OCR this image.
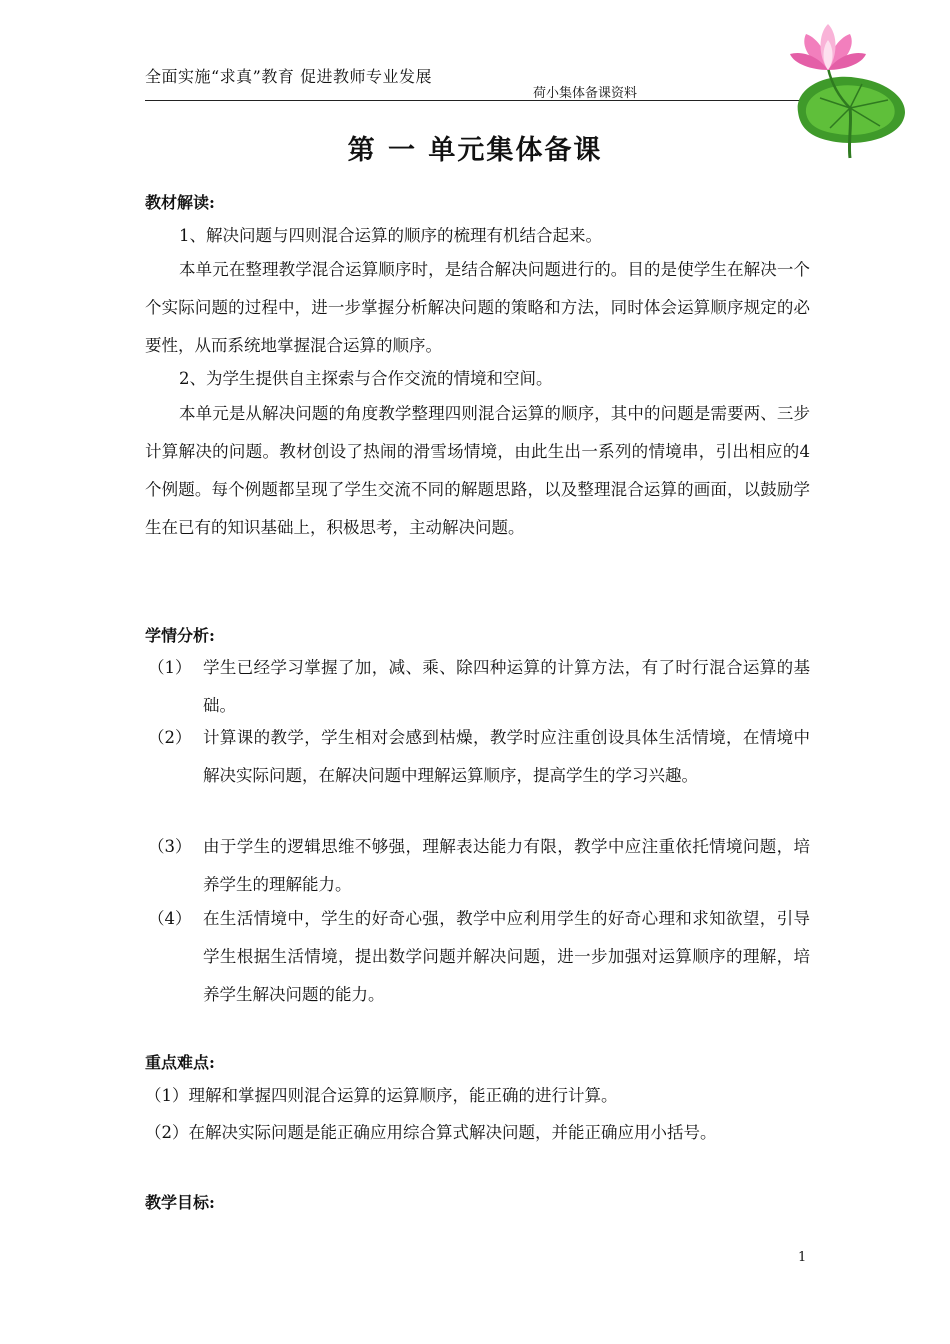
全面实施“求真”教育 促进教师专业发展
荷小集体备课资料
第 一 单元集体备课
教材解读:
1、解决问题与四则混合运算的顺序的梳理有机结合起来。
本单元在整理教学混合运算顺序时，是结合解决问题进行的。目的是使学生在解决一个个实际问题的过程中，进一步掌握分析解决问题的策略和方法，同时体会运算顺序规定的必要性，从而系统地掌握混合运算的顺序。
2、为学生提供自主探索与合作交流的情境和空间。
本单元是从解决问题的角度教学整理四则混合运算的顺序，其中的问题是需要两、三步计算解决的问题。教材创设了热闹的滑雪场情境，由此生出一系列的情境串，引出相应的4个例题。每个例题都呈现了学生交流不同的解题思路，以及整理混合运算的画面，以鼓励学生在已有的知识基础上，积极思考，主动解决问题。
学情分析:
（1） 学生已经学习掌握了加，减、乘、除四种运算的计算方法，有了时行混合运算的基础。
（2） 计算课的教学，学生相对会感到枯燥，教学时应注重创设具体生活情境，在情境中解决实际问题，在解决问题中理解运算顺序，提高学生的学习兴趣。
（3） 由于学生的逻辑思维不够强，理解表达能力有限，教学中应注重依托情境问题，培养学生的理解能力。
（4） 在生活情境中，学生的好奇心强，教学中应利用学生的好奇心理和求知欲望，引导学生根据生活情境，提出数学问题并解决问题，进一步加强对运算顺序的理解，培养学生解决问题的能力。
重点难点:
（1）理解和掌握四则混合运算的运算顺序，能正确的进行计算。
（2）在解决实际问题是能正确应用综合算式解决问题，并能正确应用小括号。
教学目标:
1
